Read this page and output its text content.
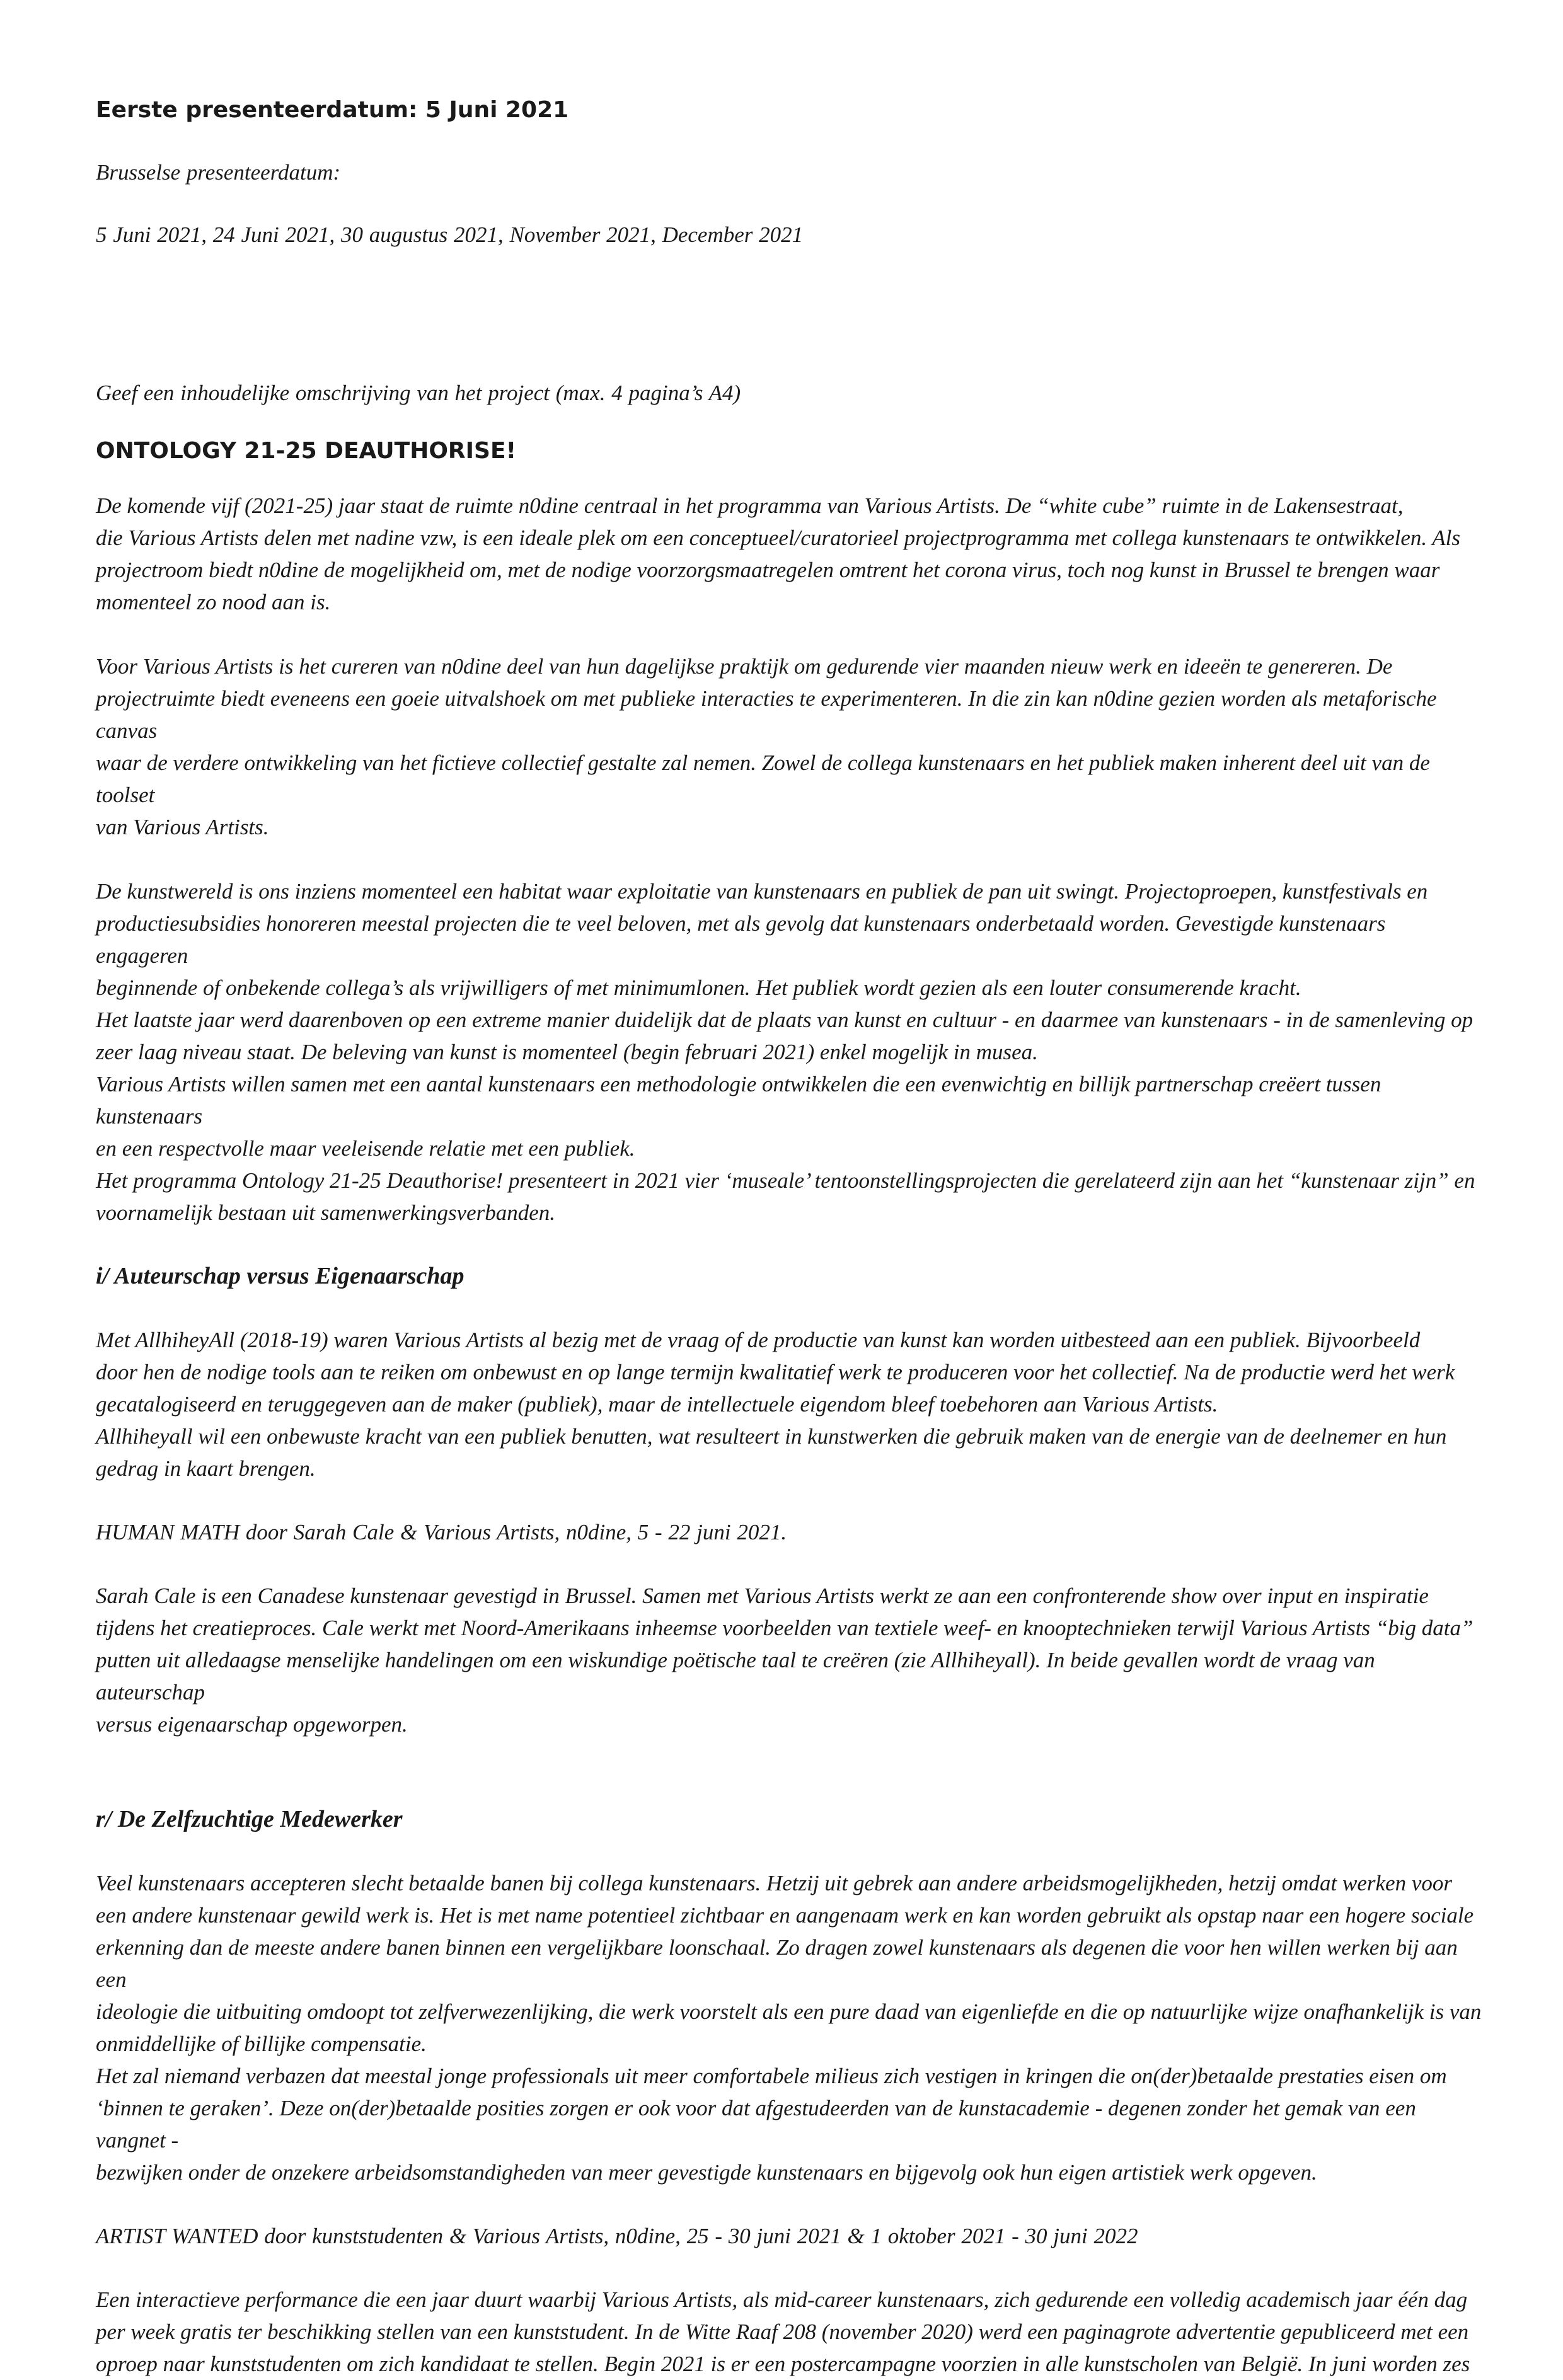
Eerste presenteerdatum: 5 Juni 2021

Brusselse presenteerdatum:

5 Juni 2021, 24 Juni 2021, 30 augustus 2021, November 2021, December 2021

Geef een inhoudelijke omschrijving van het project (max. 4 pagina’s A4)

ONTOLOGY 21-25 DEAUTHORISE!

De komende vijf (2021-25) jaar staat de ruimte n0dine centraal in het programma van Various Artists. De “white cube” ruimte in de Lakensestraat,
die Various Artists delen met nadine vzw, is een ideale plek om een conceptueel/curatorieel projectprogramma met collega kunstenaars te ontwikkelen. Als
projectroom biedt n0dine de mogelijkheid om, met de nodige voorzorgsmaatregelen omtrent het corona virus, toch nog kunst in Brussel te brengen waar
momenteel zo nood aan is.

Voor Various Artists is het cureren van n0dine deel van hun dagelijkse praktijk om gedurende vier maanden nieuw werk en ideeën te genereren. De
projectruimte biedt eveneens een goeie uitvalshoek om met publieke interacties te experimenteren. In die zin kan n0dine gezien worden als metaforische canvas
waar de verdere ontwikkeling van het fictieve collectief gestalte zal nemen. Zowel de collega kunstenaars en het publiek maken inherent deel uit van de toolset
van Various Artists.

De kunstwereld is ons inziens momenteel een habitat waar exploitatie van kunstenaars en publiek de pan uit swingt. Projectoproepen, kunstfestivals en
productiesubsidies honoreren meestal projecten die te veel beloven, met als gevolg dat kunstenaars onderbetaald worden. Gevestigde kunstenaars engageren
beginnende of onbekende collega’s als vrijwilligers of met minimumlonen. Het publiek wordt gezien als een louter consumerende kracht.
Het laatste jaar werd daarenboven op een extreme manier duidelijk dat de plaats van kunst en cultuur - en daarmee van kunstenaars - in de samenleving op
zeer laag niveau staat. De beleving van kunst is momenteel (begin februari 2021) enkel mogelijk in musea.
Various Artists willen samen met een aantal kunstenaars een methodologie ontwikkelen die een evenwichtig en billijk partnerschap creëert tussen kunstenaars
en een respectvolle maar veeleisende relatie met een publiek.
Het programma Ontology 21-25 Deauthorise! presenteert in 2021 vier ‘museale’ tentoonstellingsprojecten die gerelateerd zijn aan het “kunstenaar zijn” en
voornamelijk bestaan uit samenwerkingsverbanden.

i/ Auteurschap versus Eigenaarschap

Met AllhiheyAll (2018-19) waren Various Artists al bezig met de vraag of de productie van kunst kan worden uitbesteed aan een publiek. Bijvoorbeeld
door hen de nodige tools aan te reiken om onbewust en op lange termijn kwalitatief werk te produceren voor het collectief. Na de productie werd het werk
gecatalogiseerd en teruggegeven aan de maker (publiek), maar de intellectuele eigendom bleef toebehoren aan Various Artists.
Allhiheyall wil een onbewuste kracht van een publiek benutten, wat resulteert in kunstwerken die gebruik maken van de energie van de deelnemer en hun
gedrag in kaart brengen.

HUMAN MATH door Sarah Cale & Various Artists, n0dine, 5 - 22 juni 2021.

Sarah Cale is een Canadese kunstenaar gevestigd in Brussel. Samen met Various Artists werkt ze aan een confronterende show over input en inspiratie
tijdens het creatieproces. Cale werkt met Noord-Amerikaans inheemse voorbeelden van textiele weef- en knooptechnieken terwijl Various Artists “big data”
putten uit alledaagse menselijke handelingen om een wiskundige poëtische taal te creëren (zie Allhiheyall). In beide gevallen wordt de vraag van auteurschap
versus eigenaarschap opgeworpen.

r/ De Zelfzuchtige Medewerker

Veel kunstenaars accepteren slecht betaalde banen bij collega kunstenaars. Hetzij uit gebrek aan andere arbeidsmogelijkheden, hetzij omdat werken voor
een andere kunstenaar gewild werk is. Het is met name potentieel zichtbaar en aangenaam werk en kan worden gebruikt als opstap naar een hogere sociale
erkenning dan de meeste andere banen binnen een vergelijkbare loonschaal. Zo dragen zowel kunstenaars als degenen die voor hen willen werken bij aan een
ideologie die uitbuiting omdoopt tot zelfverwezenlijking, die werk voorstelt als een pure daad van eigenliefde en die op natuurlijke wijze onafhankelijk is van
onmiddellijke of billijke compensatie.
Het zal niemand verbazen dat meestal jonge professionals uit meer comfortabele milieus zich vestigen in kringen die on(der)betaalde prestaties eisen om
‘binnen te geraken’. Deze on(der)betaalde posities zorgen er ook voor dat afgestudeerden van de kunstacademie - degenen zonder het gemak van een vangnet -
bezwijken onder de onzekere arbeidsomstandigheden van meer gevestigde kunstenaars en bijgevolg ook hun eigen artistiek werk opgeven.

ARTIST WANTED door kunststudenten & Various Artists, n0dine, 25 - 30 juni 2021 & 1 oktober 2021 - 30 juni 2022

Een interactieve performance die een jaar duurt waarbij Various Artists, als mid-career kunstenaars, zich gedurende een volledig academisch jaar één dag
per week gratis ter beschikking stellen van een kunststudent. In de Witte Raaf 208 (november 2020) werd een paginagrote advertentie gepubliceerd met een
oproep naar kunststudenten om zich kandidaat te stellen. Begin 2021 is er een postercampagne voorzien in alle kunstscholen van België. In juni worden zes
